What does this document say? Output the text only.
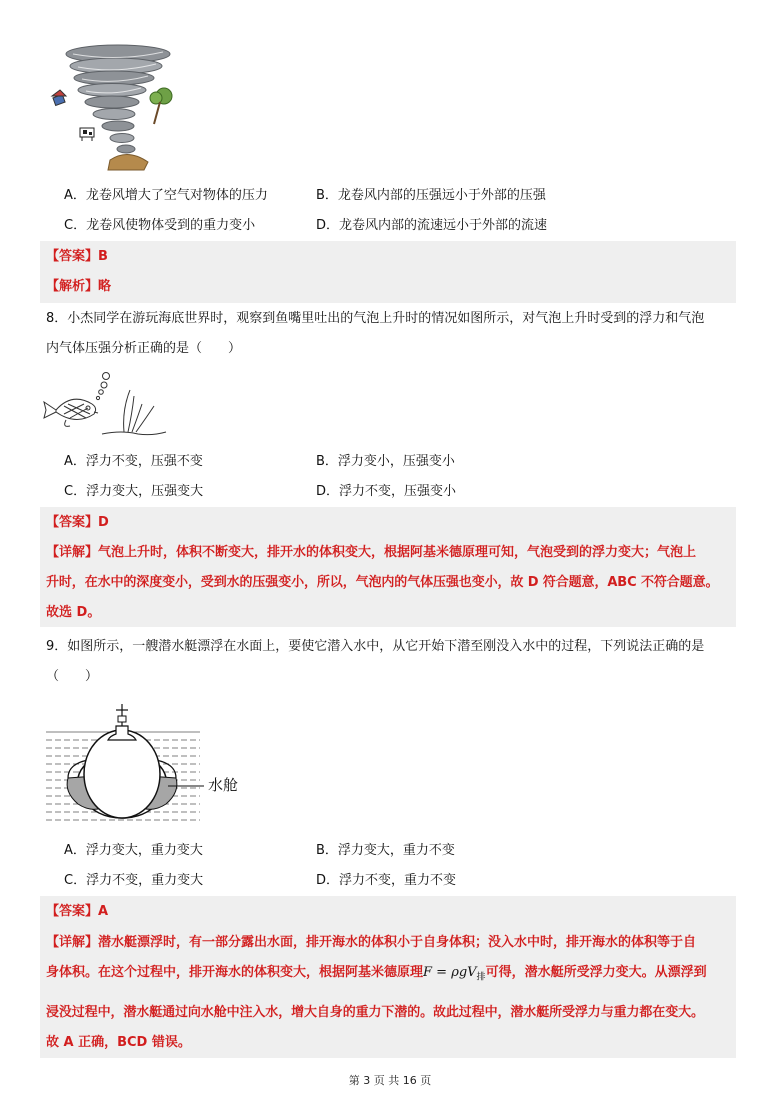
A．龙卷风增大了空气对物体的压力	B．龙卷风内部的压强远小于外部的压强
C．龙卷风使物体受到的重力变小	D．龙卷风内部的流速远小于外部的流速
【答案】B
【解析】略
8．小杰同学在游玩海底世界时，观察到鱼嘴里吐出的气泡上升时的情况如图所示，对气泡上升时受到的浮力和气泡
内气体压强分析正确的是（　　）
A．浮力不变，压强不变	B．浮力变小，压强变小
C．浮力变大，压强变大	D．浮力不变，压强变小
【答案】D
【详解】气泡上升时，体积不断变大，排开水的体积变大，根据阿基米德原理可知，气泡受到的浮力变大；气泡上
升时，在水中的深度变小，受到水的压强变小，所以，气泡内的气体压强也变小，故 D 符合题意，ABC 不符合题意。
故选 D。
9．如图所示，一艘潜水艇漂浮在水面上，要使它潜入水中，从它开始下潜至刚没入水中的过程，下列说法正确的是
（　　）
水舱
A．浮力变大，重力变大	B．浮力变大，重力不变
C．浮力不变，重力变大	D．浮力不变，重力不变
【答案】A
【详解】潜水艇漂浮时，有一部分露出水面，排开海水的体积小于自身体积；没入水中时，排开海水的体积等于自
身体积。在这个过程中，排开海水的体积变大，根据阿基米德原理F = ρgV$_排$可得，潜水艇所受浮力变大。从漂浮到
浸没过程中，潜水艇通过向水舱中注入水，增大自身的重力下潜的。故此过程中，潜水艇所受浮力与重力都在变大。
故 A 正确，BCD 错误。
第 3 页 共 16 页
